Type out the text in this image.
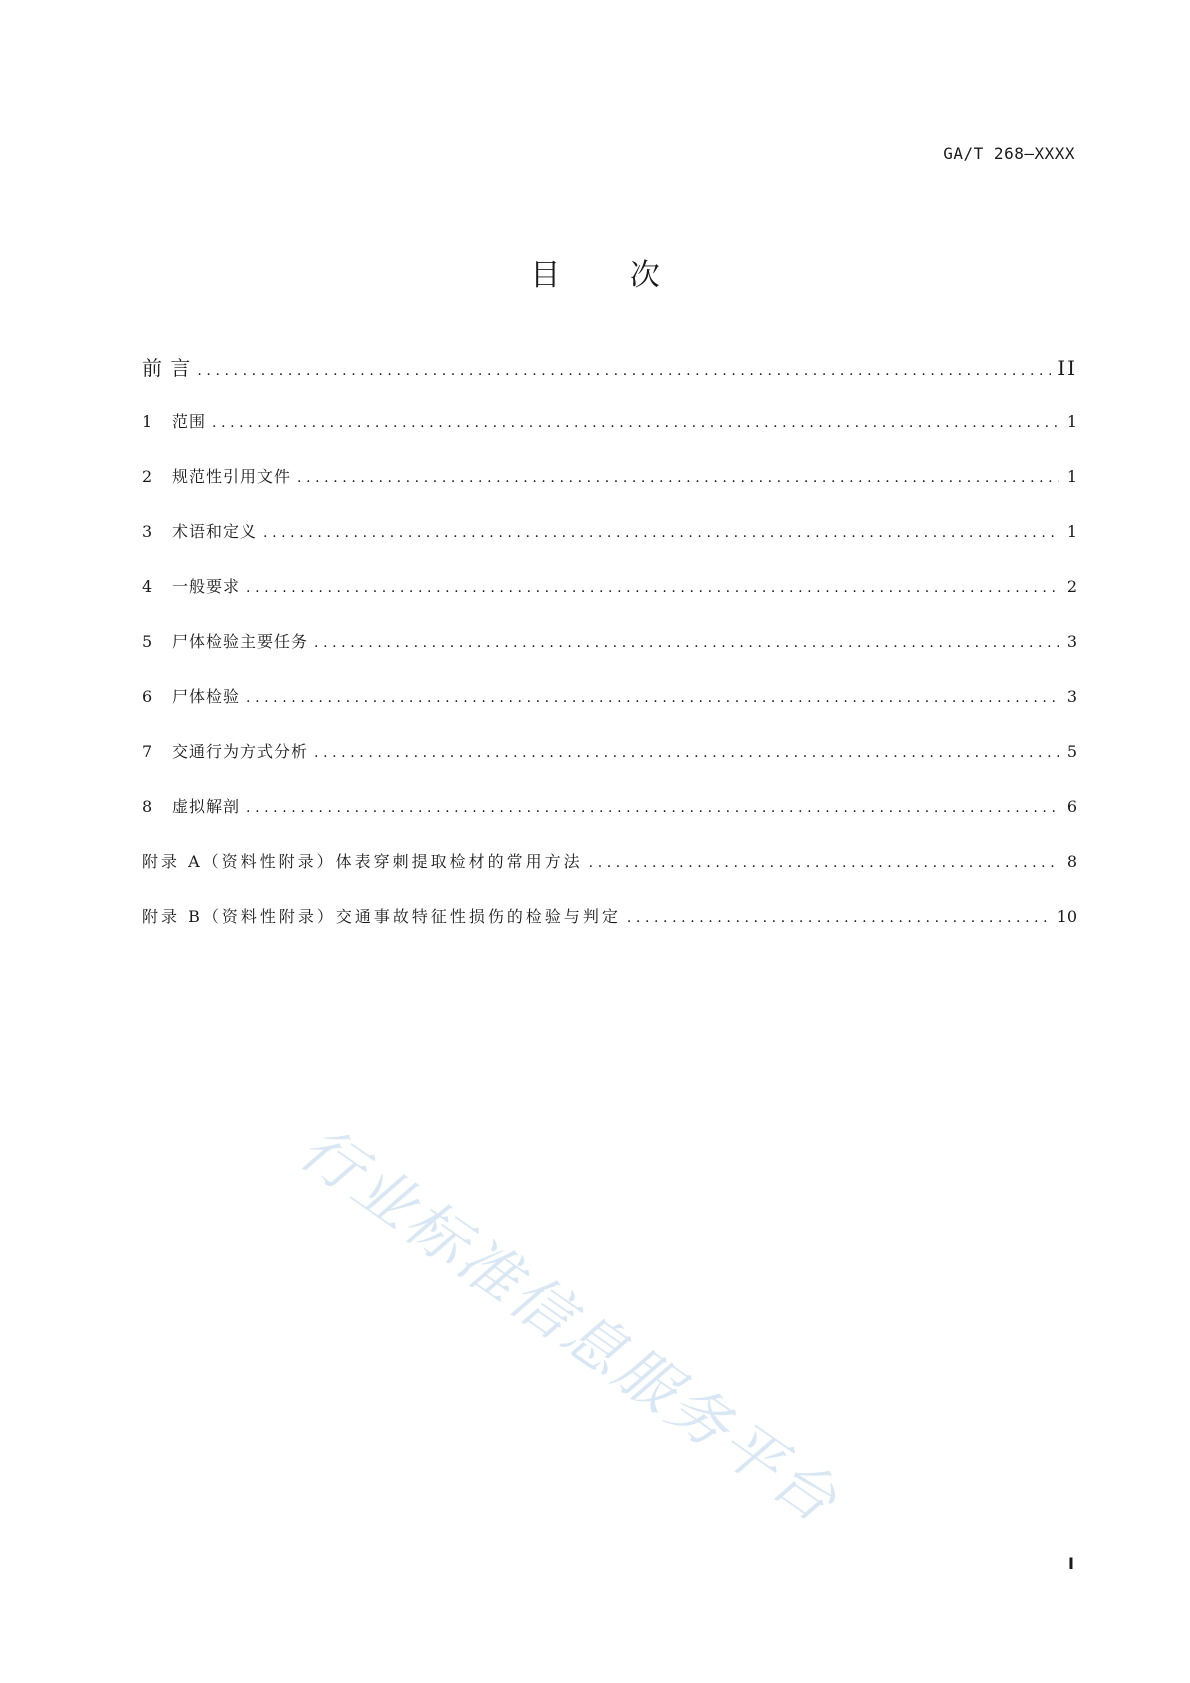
GA/T 268—XXXX
目 次
前 言 .....	II
1	范围 .....	1
2	规范性引用文件 .....	1
3	术语和定义 .....	1
4	一般要求 .....	2
5	尸体检验主要任务 .....	3
6	尸体检验 .....	3
7	交通行为方式分析 .....	5
8	虚拟解剖 .....	6
附录 A（资料性附录）体表穿刺提取检材的常用方法 .....	8
附录 B（资料性附录）交通事故特征性损伤的检验与判定 .....	10
行业标准信息服务平台
I
